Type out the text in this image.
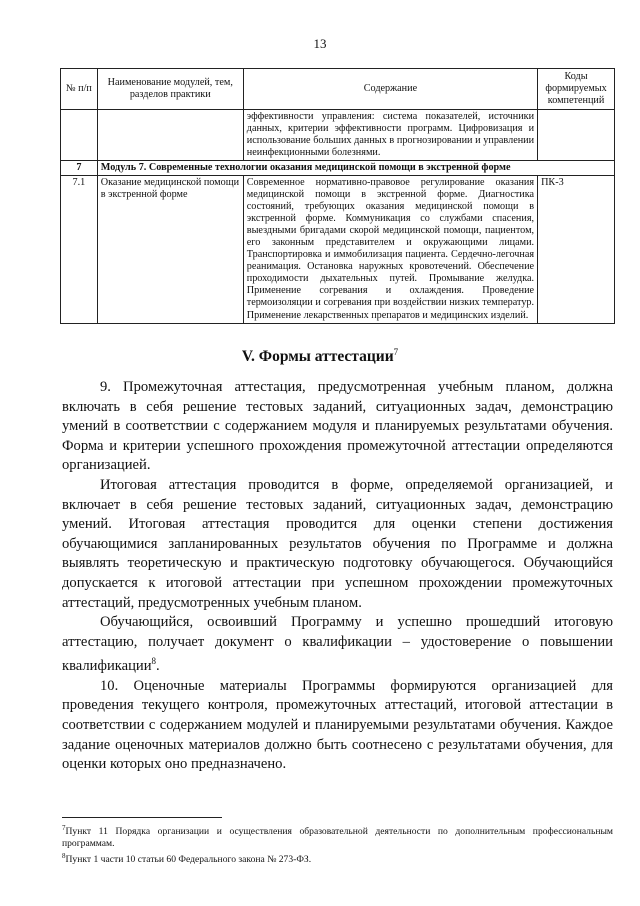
13
№ п/п	Наименование модулей, тем, разделов практики	Содержание	Коды формируемых компетенций
		эффективности управления: система показателей, источники данных, критерии эффективности программ. Цифровизация и использование больших данных в прогнозировании и управлении неинфекционными болезнями.	
7	Модуль 7. Современные технологии оказания медицинской помощи в экстренной форме		
7.1	Оказание медицинской помощи в экстренной форме	Современное нормативно-правовое регулирование оказания медицинской помощи в экстренной форме. Диагностика состояний, требующих оказания медицинской помощи в экстренной форме. Коммуникация со службами спасения, выездными бригадами скорой медицинской помощи, пациентом, его законным представителем и окружающими лицами. Транспортировка и иммобилизация пациента. Сердечно-легочная реанимация. Остановка наружных кровотечений. Обеспечение проходимости дыхательных путей. Промывание желудка. Применение согревания и охлаждения. Проведение термоизоляции и согревания при воздействии низких температур. Применение лекарственных препаратов и медицинских изделий.	ПК-3
V. Формы аттестации$^7$

9. Промежуточная аттестация, предусмотренная учебным планом, должна включать в себя решение тестовых заданий, ситуационных задач, демонстрацию умений в соответствии с содержанием модуля и планируемых результатами обучения. Форма и критерии успешного прохождения промежуточной аттестации определяются организацией.

Итоговая аттестация проводится в форме, определяемой организацией, и включает в себя решение тестовых заданий, ситуационных задач, демонстрацию умений. Итоговая аттестация проводится для оценки степени достижения обучающимися запланированных результатов обучения по Программе и должна выявлять теоретическую и практическую подготовку обучающегося. Обучающийся допускается к итоговой аттестации при успешном прохождении промежуточных аттестаций, предусмотренных учебным планом.

Обучающийся, освоивший Программу и успешно прошедший итоговую аттестацию, получает документ о квалификации – удостоверение о повышении квалификации$^8$.

10. Оценочные материалы Программы формируются организацией для проведения текущего контроля, промежуточных аттестаций, итоговой аттестации в соответствии с содержанием модулей и планируемыми результатами обучения. Каждое задание оценочных материалов должно быть соотнесено с результатами обучения, для оценки которых оно предназначено.

$^7$Пункт 11 Порядка организации и осуществления образовательной деятельности по дополнительным профессиональным программам.

$^8$Пункт 1 части 10 статьи 60 Федерального закона № 273-ФЗ.
